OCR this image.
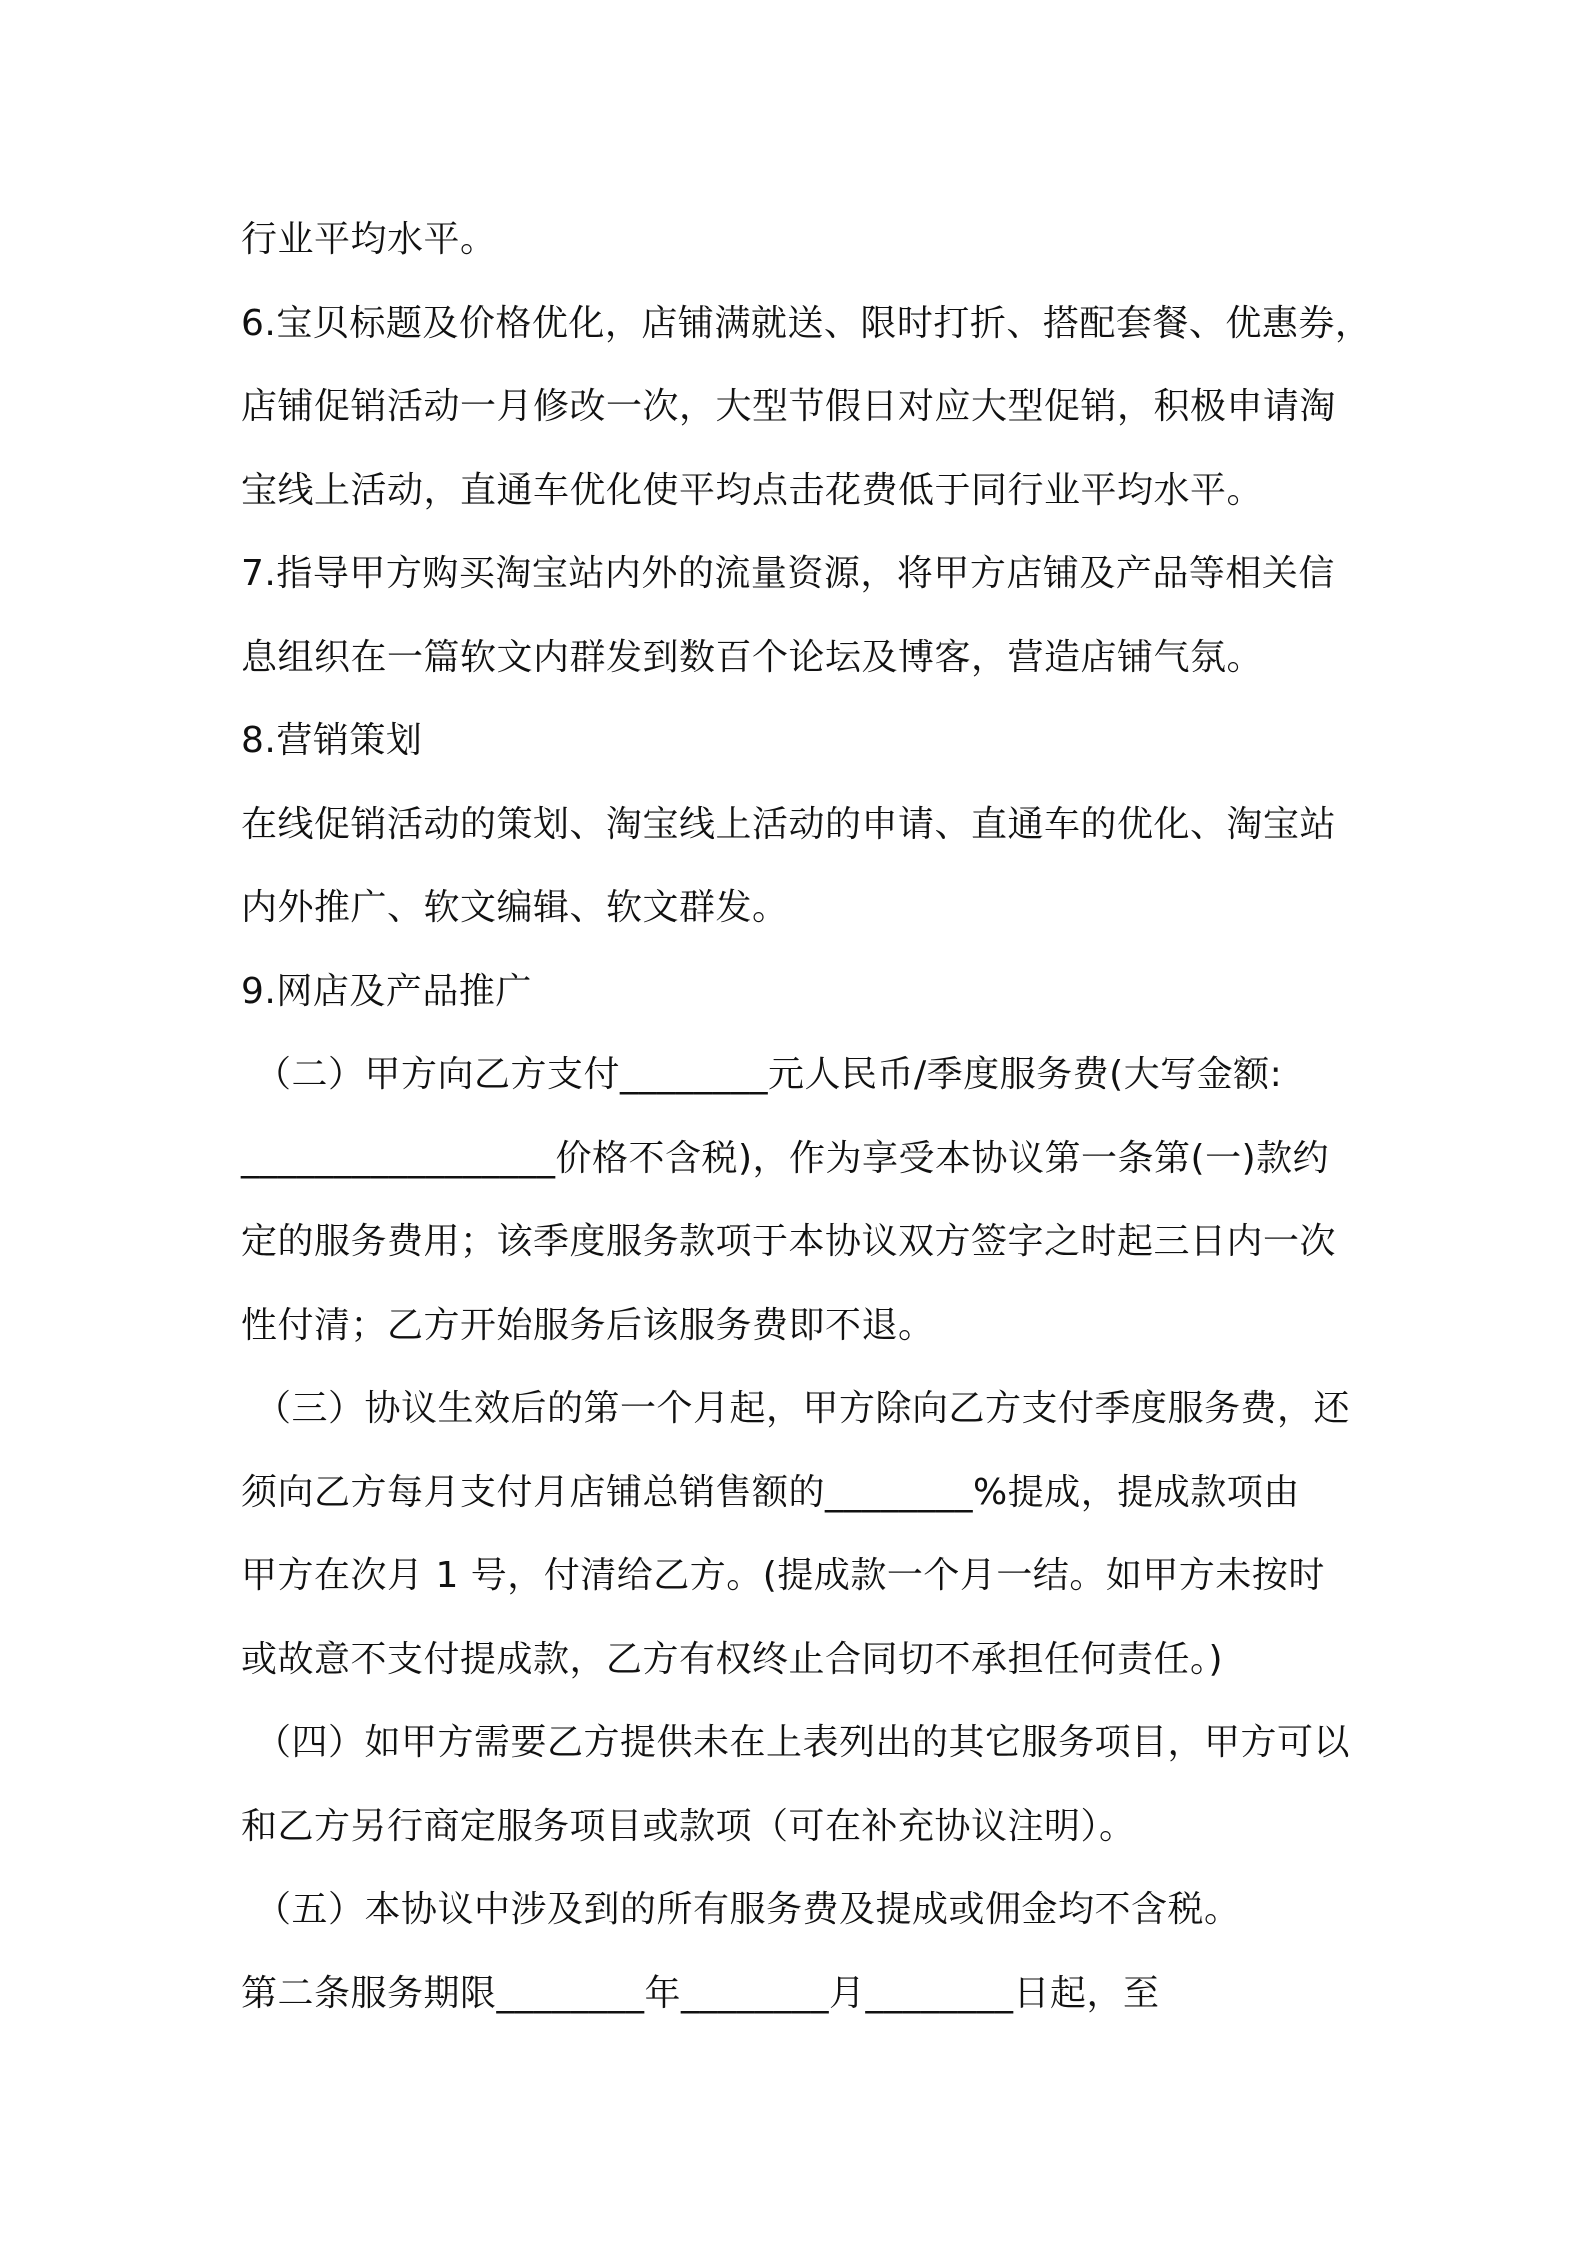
行业平均水平。
6.宝贝标题及价格优化，店铺满就送、限时打折、搭配套餐、优惠券，
店铺促销活动一月修改一次，大型节假日对应大型促销，积极申请淘
宝线上活动，直通车优化使平均点击花费低于同行业平均水平。
7.指导甲方购买淘宝站内外的流量资源，将甲方店铺及产品等相关信
息组织在一篇软文内群发到数百个论坛及博客，营造店铺气氛。
8.营销策划
在线促销活动的策划、淘宝线上活动的申请、直通车的优化、淘宝站
内外推广、软文编辑、软文群发。
9.网店及产品推广
（二）甲方向乙方支付________元人民币/季度服务费(大写金额:
_________________价格不含税)，作为享受本协议第一条第(一)款约
定的服务费用；该季度服务款项于本协议双方签字之时起三日内一次
性付清；乙方开始服务后该服务费即不退。
（三）协议生效后的第一个月起，甲方除向乙方支付季度服务费，还
须向乙方每月支付月店铺总销售额的________%提成，提成款项由
甲方在次月 1 号，付清给乙方。(提成款一个月一结。如甲方未按时
或故意不支付提成款，乙方有权终止合同切不承担任何责任。)
（四）如甲方需要乙方提供未在上表列出的其它服务项目，甲方可以
和乙方另行商定服务项目或款项（可在补充协议注明）。
（五）本协议中涉及到的所有服务费及提成或佣金均不含税。
第二条服务期限________年________月________日起，至
